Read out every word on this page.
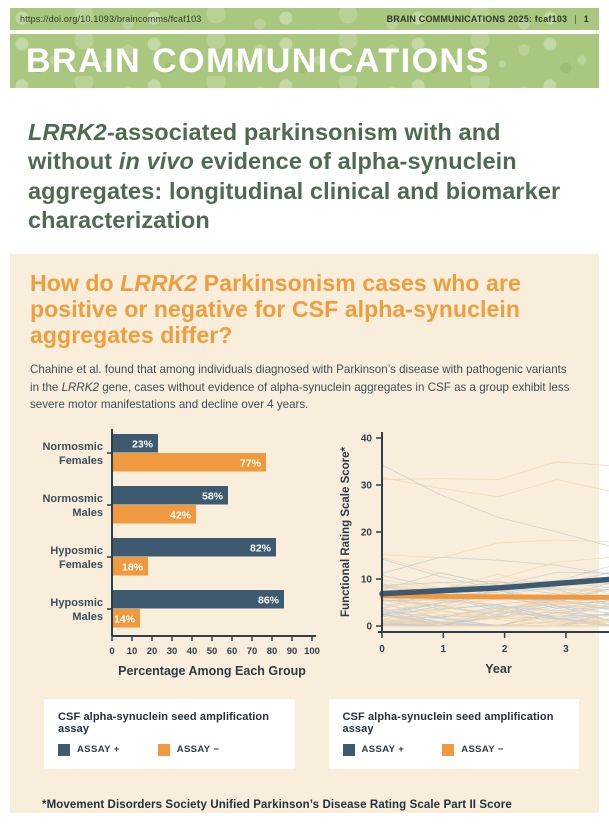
https://doi.org/10.1093/braincomms/fcaf103	BRAIN COMMUNICATIONS 2025: fcaf103 | 1
BRAIN COMMUNICATIONS
LRRK2-associated parkinsonism with and without in vivo evidence of alpha-synuclein aggregates: longitudinal clinical and biomarker characterization
How do LRRK2 Parkinsonism cases who are positive or negative for CSF alpha-synuclein aggregates differ?

Chahine et al. found that among individuals diagnosed with Parkinson’s disease with pathogenic variants in the LRRK2 gene, cases without evidence of alpha-synuclein aggregates in CSF as a group exhibit less severe motor manifestations and decline over 4 years.

23%
77%
Normosmic
Females
58%
42%
Normosmic
Males
82%
18%
Hyposmic
Females
86%
14%
Hyposmic
Males
0 10 20 30 40 50 60 70 80 90 100
Percentage Among Each Group
0
10
20
30
40
0	1	2	3
Functional Rating Scale Score*
Year
CSF alpha-synuclein seed amplification assay
ASSAY +	ASSAY −
CSF alpha-synuclein seed amplification assay
ASSAY +	ASSAY −
*Movement Disorders Society Unified Parkinson’s Disease Rating Scale Part II Score
